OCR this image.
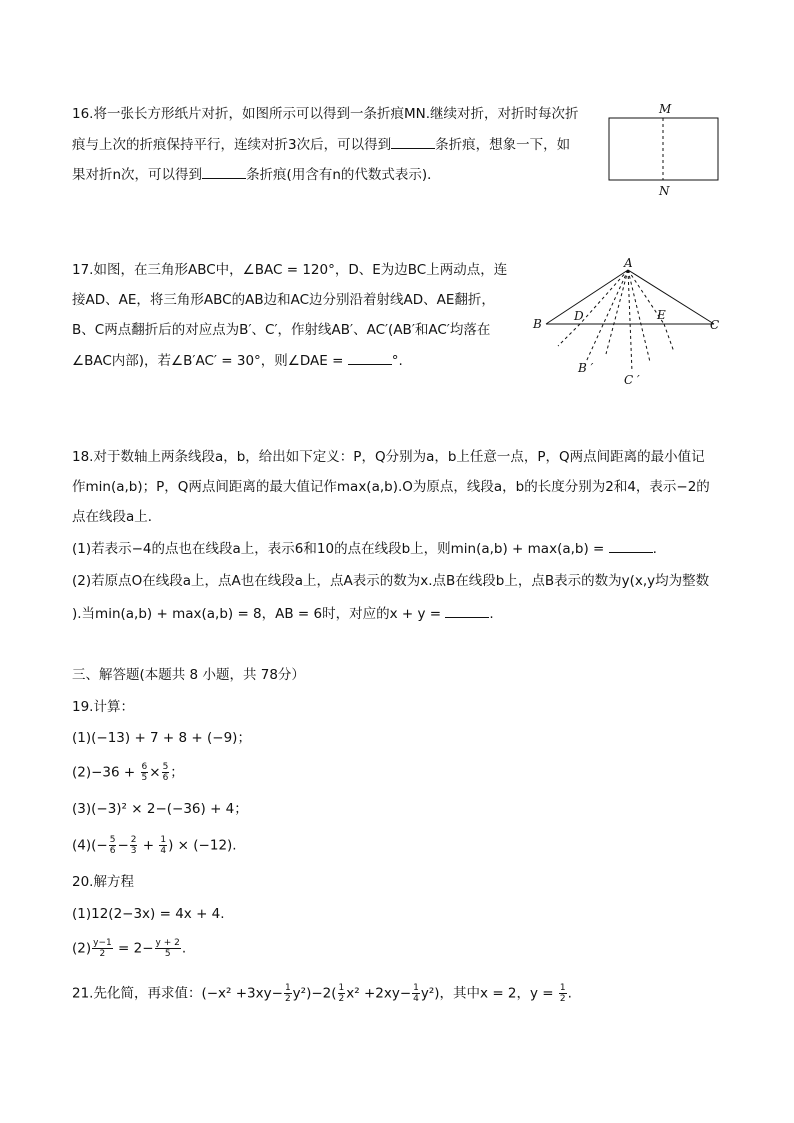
16.将一张长方形纸片对折，如图所示可以得到一条折痕MN.继续对折，对折时每次折
痕与上次的折痕保持平行，连续对折3次后，可以得到	条折痕，想象一下，如
果对折n次，可以得到	条折痕(用含有n的代数式表示)．
M
N
17.如图，在三角形ABC中，∠BAC = 120°，D、E为边BC上两动点，连
接AD、AE，将三角形ABC的AB边和AC边分别沿着射线AD、AE翻折，
B、C两点翻折后的对应点为B′、C′，作射线AB′、AC′(AB′和AC′均落在
∠BAC内部)，若∠B′AC′ = 30°，则∠DAE =	°.
A
B	C
D	E
B ′
C ′
18.对于数轴上两条线段a，b，给出如下定义：P，Q分别为a，b上任意一点，P，Q两点间距离的最小值记
作min(a,b)；P，Q两点间距离的最大值记作max(a,b).O为原点，线段a，b的长度分别为2和4，表示−2的
点在线段a上．
(1)若表示−4的点也在线段a上，表示6和10的点在线段b上，则min(a,b) + max(a,b) =	.
(2)若原点O在线段a上，点A也在线段a上，点A表示的数为x.点B在线段b上，点B表示的数为y(x,y均为整数
).当min(a,b) + max(a,b) = 8，AB = 6时，对应的x + y =	.
三、解答题(本题共 8 小题，共 78分）
19.计算：
(1)(−13) + 7 + 8 + (−9)；
$(2)-36 + \frac{6}{5} \times \frac{5}{6}$ ；
(3)(−3)² × 2−(−36) + 4；
$(4)(- \frac{5}{6} - \frac{2}{3} + \frac{1}{4}$ ) × (−12).
20.解方程
(1)12(2−3x) = 4x + 4.
$(2) \frac{y-1}{2} = 2- \frac{y + 2}{5}$ .
21.先化简，再求值：$(-x^2 +3xy- \frac{1}{2} y^2)-2( \frac{1}{2} x^2 +2xy- \frac{1}{4} y^2)$，其中x = 2，$y = \frac{1}{2}$ .
